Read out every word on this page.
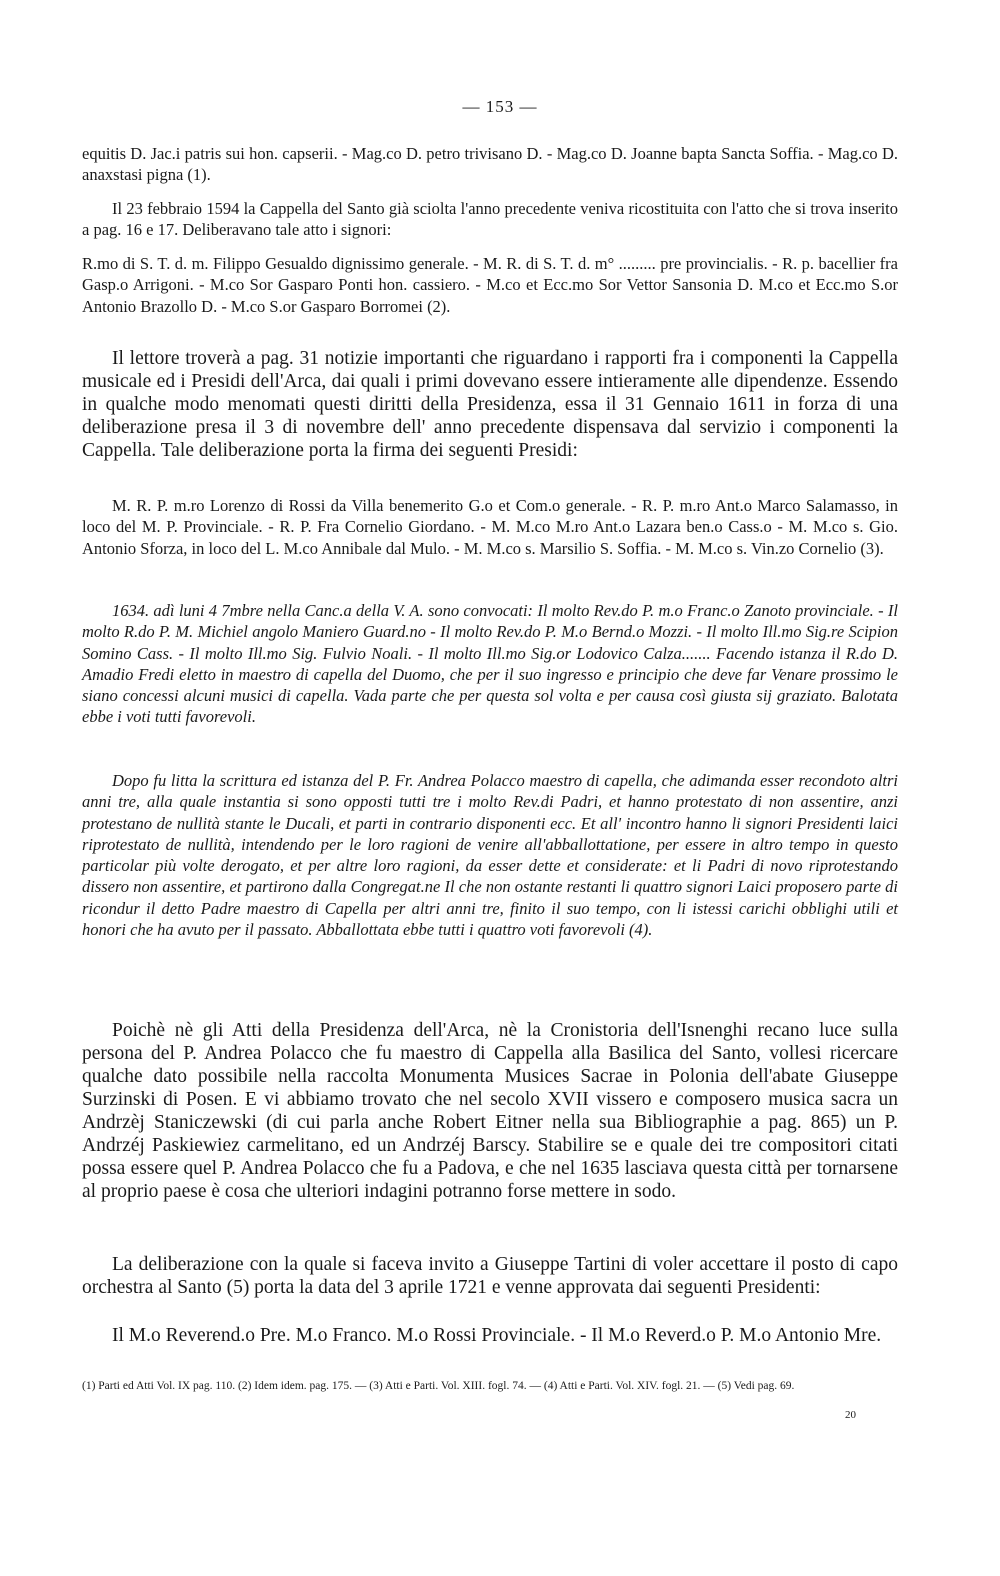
— 153 —

equitis D. Jac.i patris sui hon. capserii. - Mag.co D. petro trivisano D. - Mag.co D. Joanne bapta Sancta Soffia. - Mag.co D. anaxstasi pigna (1).

Il 23 febbraio 1594 la Cappella del Santo già sciolta l'anno precedente veniva ricostituita con l'atto che si trova inserito a pag. 16 e 17. Deliberavano tale atto i signori:

R.mo di S. T. d. m. Filippo Gesualdo dignissimo generale. - M. R. di S. T. d. m° ......... pre provincialis. - R. p. bacellier fra Gasp.o Arrigoni. - M.co Sor Gasparo Ponti hon. cassiero. - M.co et Ecc.mo Sor Vettor Sansonia D. M.co et Ecc.mo S.or Antonio Brazollo D. - M.co S.or Gasparo Borromei (2).

Il lettore troverà a pag. 31 notizie importanti che riguardano i rapporti fra i componenti la Cappella musicale ed i Presidi dell'Arca, dai quali i primi dovevano essere intieramente alle dipendenze. Essendo in qualche modo menomati questi diritti della Presidenza, essa il 31 Gennaio 1611 in forza di una deliberazione presa il 3 di novembre dell' anno precedente dispensava dal servizio i componenti la Cappella. Tale deliberazione porta la firma dei seguenti Presidi:

M. R. P. m.ro Lorenzo di Rossi da Villa benemerito G.o et Com.o generale. - R. P. m.ro Ant.o Marco Salamasso, in loco del M. P. Provinciale. - R. P. Fra Cornelio Giordano. - M. M.co M.ro Ant.o Lazara ben.o Cass.o - M. M.co s. Gio. Antonio Sforza, in loco del L. M.co Annibale dal Mulo. - M. M.co s. Marsilio S. Soffia. - M. M.co s. Vin.zo Cornelio (3).

1634. adì luni 4 7mbre nella Canc.a della V. A. sono convocati: Il molto Rev.do P. m.o Franc.o Zanoto provinciale. - Il molto R.do P. M. Michiel angolo Maniero Guard.no - Il molto Rev.do P. M.o Bernd.o Mozzi. - Il molto Ill.mo Sig.re Scipion Somino Cass. - Il molto Ill.mo Sig. Fulvio Noali. - Il molto Ill.mo Sig.or Lodovico Calza....... Facendo istanza il R.do D. Amadio Fredi eletto in maestro di capella del Duomo, che per il suo ingresso e principio che deve far Venare prossimo le siano concessi alcuni musici di capella. Vada parte che per questa sol volta e per causa così giusta sij graziato. Balotata ebbe i voti tutti favorevoli.

Dopo fu litta la scrittura ed istanza del P. Fr. Andrea Polacco maestro di capella, che adimanda esser recondoto altri anni tre, alla quale instantia si sono opposti tutti tre i molto Rev.di Padri, et hanno protestato di non assentire, anzi protestano de nullità stante le Ducali, et parti in contrario disponenti ecc. Et all' incontro hanno li signori Presidenti laici riprotestato de nullità, intendendo per le loro ragioni de venire all'abballottatione, per essere in altro tempo in questo particolar più volte derogato, et per altre loro ragioni, da esser dette et considerate: et li Padri di novo riprotestando dissero non assentire, et partirono dalla Congregat.ne Il che non ostante restanti li quattro signori Laici proposero parte di ricondur il detto Padre maestro di Capella per altri anni tre, finito il suo tempo, con li istessi carichi obblighi utili et honori che ha avuto per il passato. Abballottata ebbe tutti i quattro voti favorevoli (4).

Poichè nè gli Atti della Presidenza dell'Arca, nè la Cronistoria dell'Isnenghi recano luce sulla persona del P. Andrea Polacco che fu maestro di Cappella alla Basilica del Santo, vollesi ricercare qualche dato possibile nella raccolta Monumenta Musices Sacrae in Polonia dell'abate Giuseppe Surzinski di Posen. E vi abbiamo trovato che nel secolo XVII vissero e composero musica sacra un Andrzèj Staniczewski (di cui parla anche Robert Eitner nella sua Bibliographie a pag. 865) un P. Andrzéj Paskiewiez carmelitano, ed un Andrzéj Barscy. Stabilire se e quale dei tre compositori citati possa essere quel P. Andrea Polacco che fu a Padova, e che nel 1635 lasciava questa città per tornarsene al proprio paese è cosa che ulteriori indagini potranno forse mettere in sodo.

La deliberazione con la quale si faceva invito a Giuseppe Tartini di voler accettare il posto di capo orchestra al Santo (5) porta la data del 3 aprile 1721 e venne approvata dai seguenti Presidenti:

Il M.o Reverend.o Pre. M.o Franco. M.o Rossi Provinciale. - Il M.o Reverd.o P. M.o Antonio Mre.

(1) Parti ed Atti Vol. IX pag. 110. (2) Idem idem. pag. 175. — (3) Atti e Parti. Vol. XIII. fogl. 74. — (4) Atti e Parti. Vol. XIV. fogl. 21. — (5) Vedi pag. 69.

20
